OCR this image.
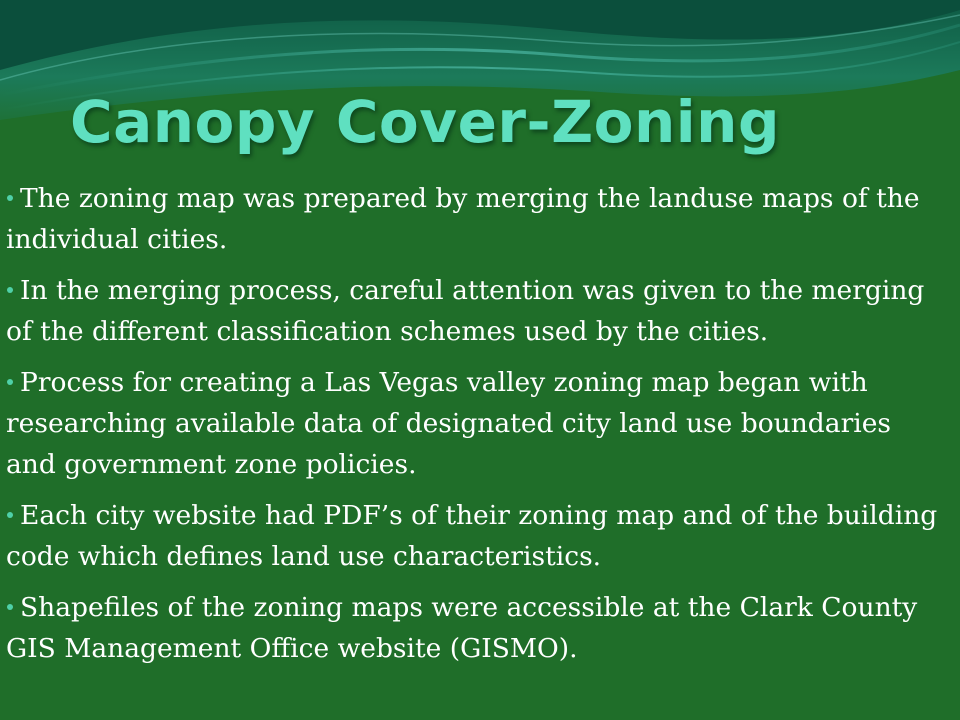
Canopy Cover-Zoning
The zoning map was prepared by merging the landuse maps of the individual cities.
In the merging process, careful attention was given to the merging of the different classification schemes used by the cities.
Process for creating a Las Vegas valley zoning map began with researching available data of designated city land use boundaries and government zone policies.
Each city website had PDF’s of their zoning map and of the building code which defines land use characteristics.
Shapefiles of the zoning maps were accessible at the Clark County GIS Management Office website (GISMO).
